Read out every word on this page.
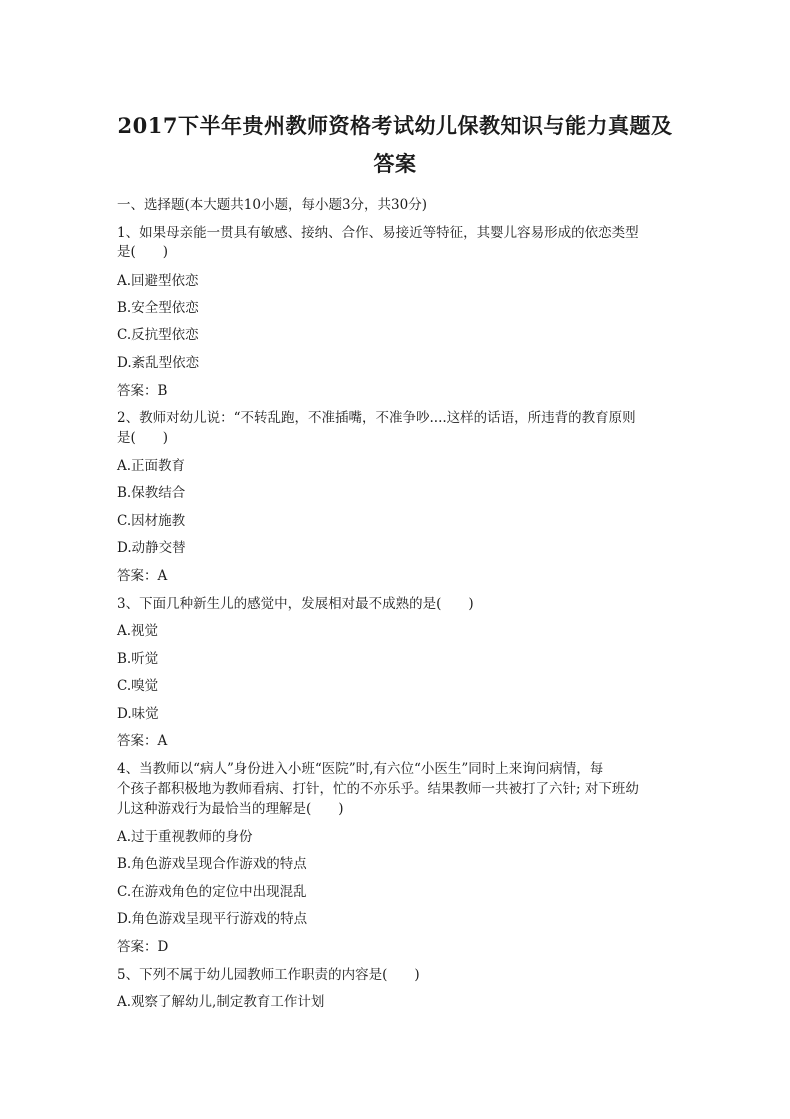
2017下半年贵州教师资格考试幼儿保教知识与能力真题及
答案
一、选择题(本大题共10小题，每小题3分，共30分)
1、如果母亲能一贯具有敏感、接纳、合作、易接近等特征，其婴儿容易形成的依恋类型
是(　　)
A.回避型依恋
B.安全型依恋
C.反抗型依恋
D.紊乱型依恋
答案：B
2、教师对幼儿说：“不转乱跑，不准插嘴，不准争吵....这样的话语，所违背的教育原则
是(　　)
A.正面教育
B.保教结合
C.因材施教
D.动静交替
答案：A
3、下面几种新生儿的感觉中，发展相对最不成熟的是(　　)
A.视觉
B.听觉
C.嗅觉
D.味觉
答案：A
4、当教师以“病人”身份进入小班“医院”时,有六位“小医生”同时上来询问病情，每
个孩子都积极地为教师看病、打针，忙的不亦乐乎。结果教师一共被打了六针; 对下班幼
儿这种游戏行为最恰当的理解是(　　)
A.过于重视教师的身份
B.角色游戏呈现合作游戏的特点
C.在游戏角色的定位中出现混乱
D.角色游戏呈现平行游戏的特点
答案：D
5、下列不属于幼儿园教师工作职责的内容是(　　)
A.观察了解幼儿,制定教育工作计划
